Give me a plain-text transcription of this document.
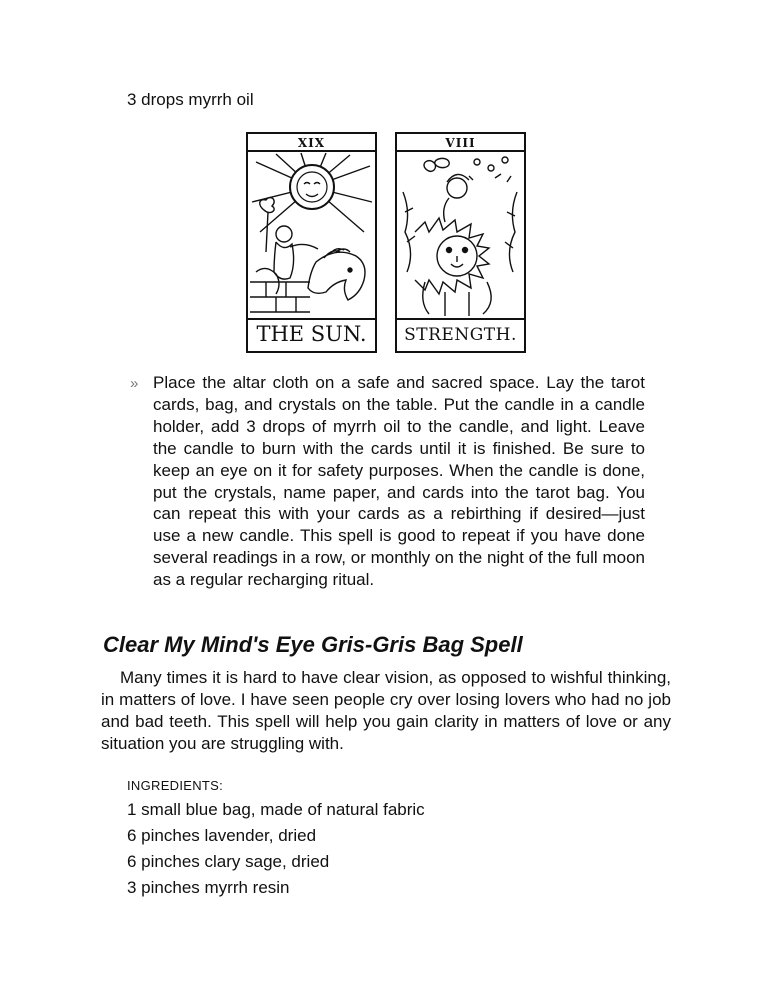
3 drops myrrh oil
XIX
THE SUN.
VIII
STRENGTH.
» Place the altar cloth on a safe and sacred space. Lay the tarot cards, bag, and crystals on the table. Put the candle in a candle holder, add 3 drops of myrrh oil to the candle, and light. Leave the candle to burn with the cards until it is finished. Be sure to keep an eye on it for safety purposes. When the candle is done, put the crystals, name paper, and cards into the tarot bag. You can repeat this with your cards as a rebirthing if desired—just use a new candle. This spell is good to repeat if you have done several readings in a row, or monthly on the night of the full moon as a regular recharging ritual.

Clear My Mind's Eye Gris-Gris Bag Spell

Many times it is hard to have clear vision, as opposed to wishful thinking, in matters of love. I have seen people cry over losing lovers who had no job and bad teeth. This spell will help you gain clarity in matters of love or any situation you are struggling with.

INGREDIENTS:
1 small blue bag, made of natural fabric
6 pinches lavender, dried
6 pinches clary sage, dried
3 pinches myrrh resin
